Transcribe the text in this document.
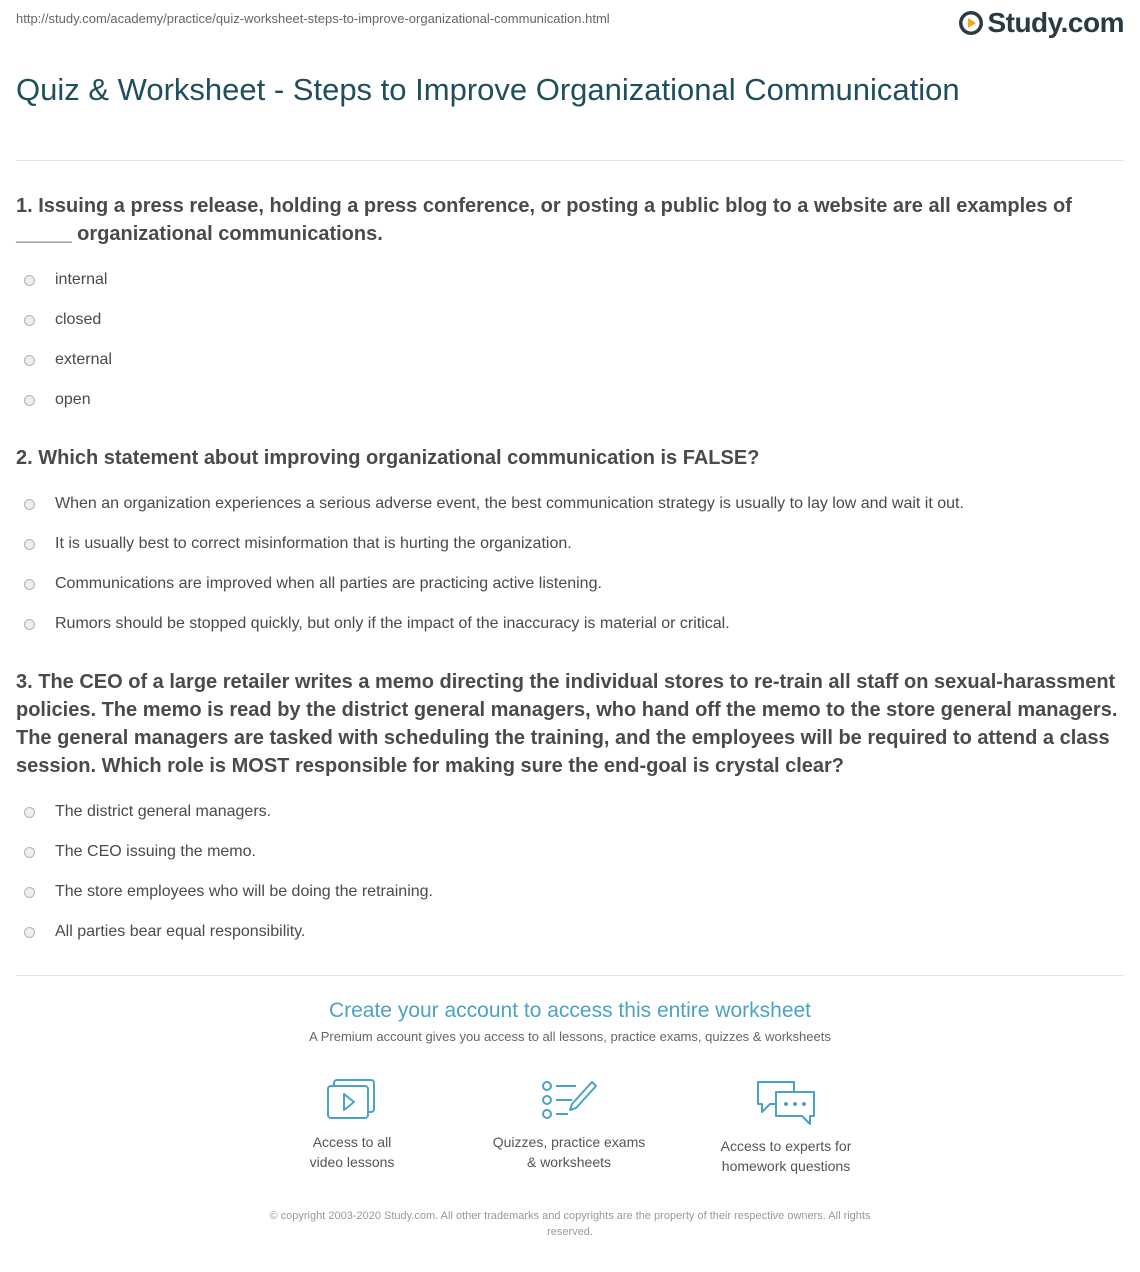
http://study.com/academy/practice/quiz-worksheet-steps-to-improve-organizational-communication.html	Study.com
Quiz & Worksheet - Steps to Improve Organizational Communication

1. Issuing a press release, holding a press conference, or posting a public blog to a website are all examples of _____ organizational communications.

internal
closed
external
open

2. Which statement about improving organizational communication is FALSE?

When an organization experiences a serious adverse event, the best communication strategy is usually to lay low and wait it out.
It is usually best to correct misinformation that is hurting the organization.
Communications are improved when all parties are practicing active listening.
Rumors should be stopped quickly, but only if the impact of the inaccuracy is material or critical.

3. The CEO of a large retailer writes a memo directing the individual stores to re-train all staff on sexual-harassment policies. The memo is read by the district general managers, who hand off the memo to the store general managers. The general managers are tasked with scheduling the training, and the employees will be required to attend a class session. Which role is MOST responsible for making sure the end-goal is crystal clear?

The district general managers.
The CEO issuing the memo.
The store employees who will be doing the retraining.
All parties bear equal responsibility.

Create your account to access this entire worksheet

A Premium account gives you access to all lessons, practice exams, quizzes & worksheets
Access to all
video lessons
Quizzes, practice exams
& worksheets
Access to experts for
homework questions
© copyright 2003-2020 Study.com. All other trademarks and copyrights are the property of their respective owners. All rights
reserved.
